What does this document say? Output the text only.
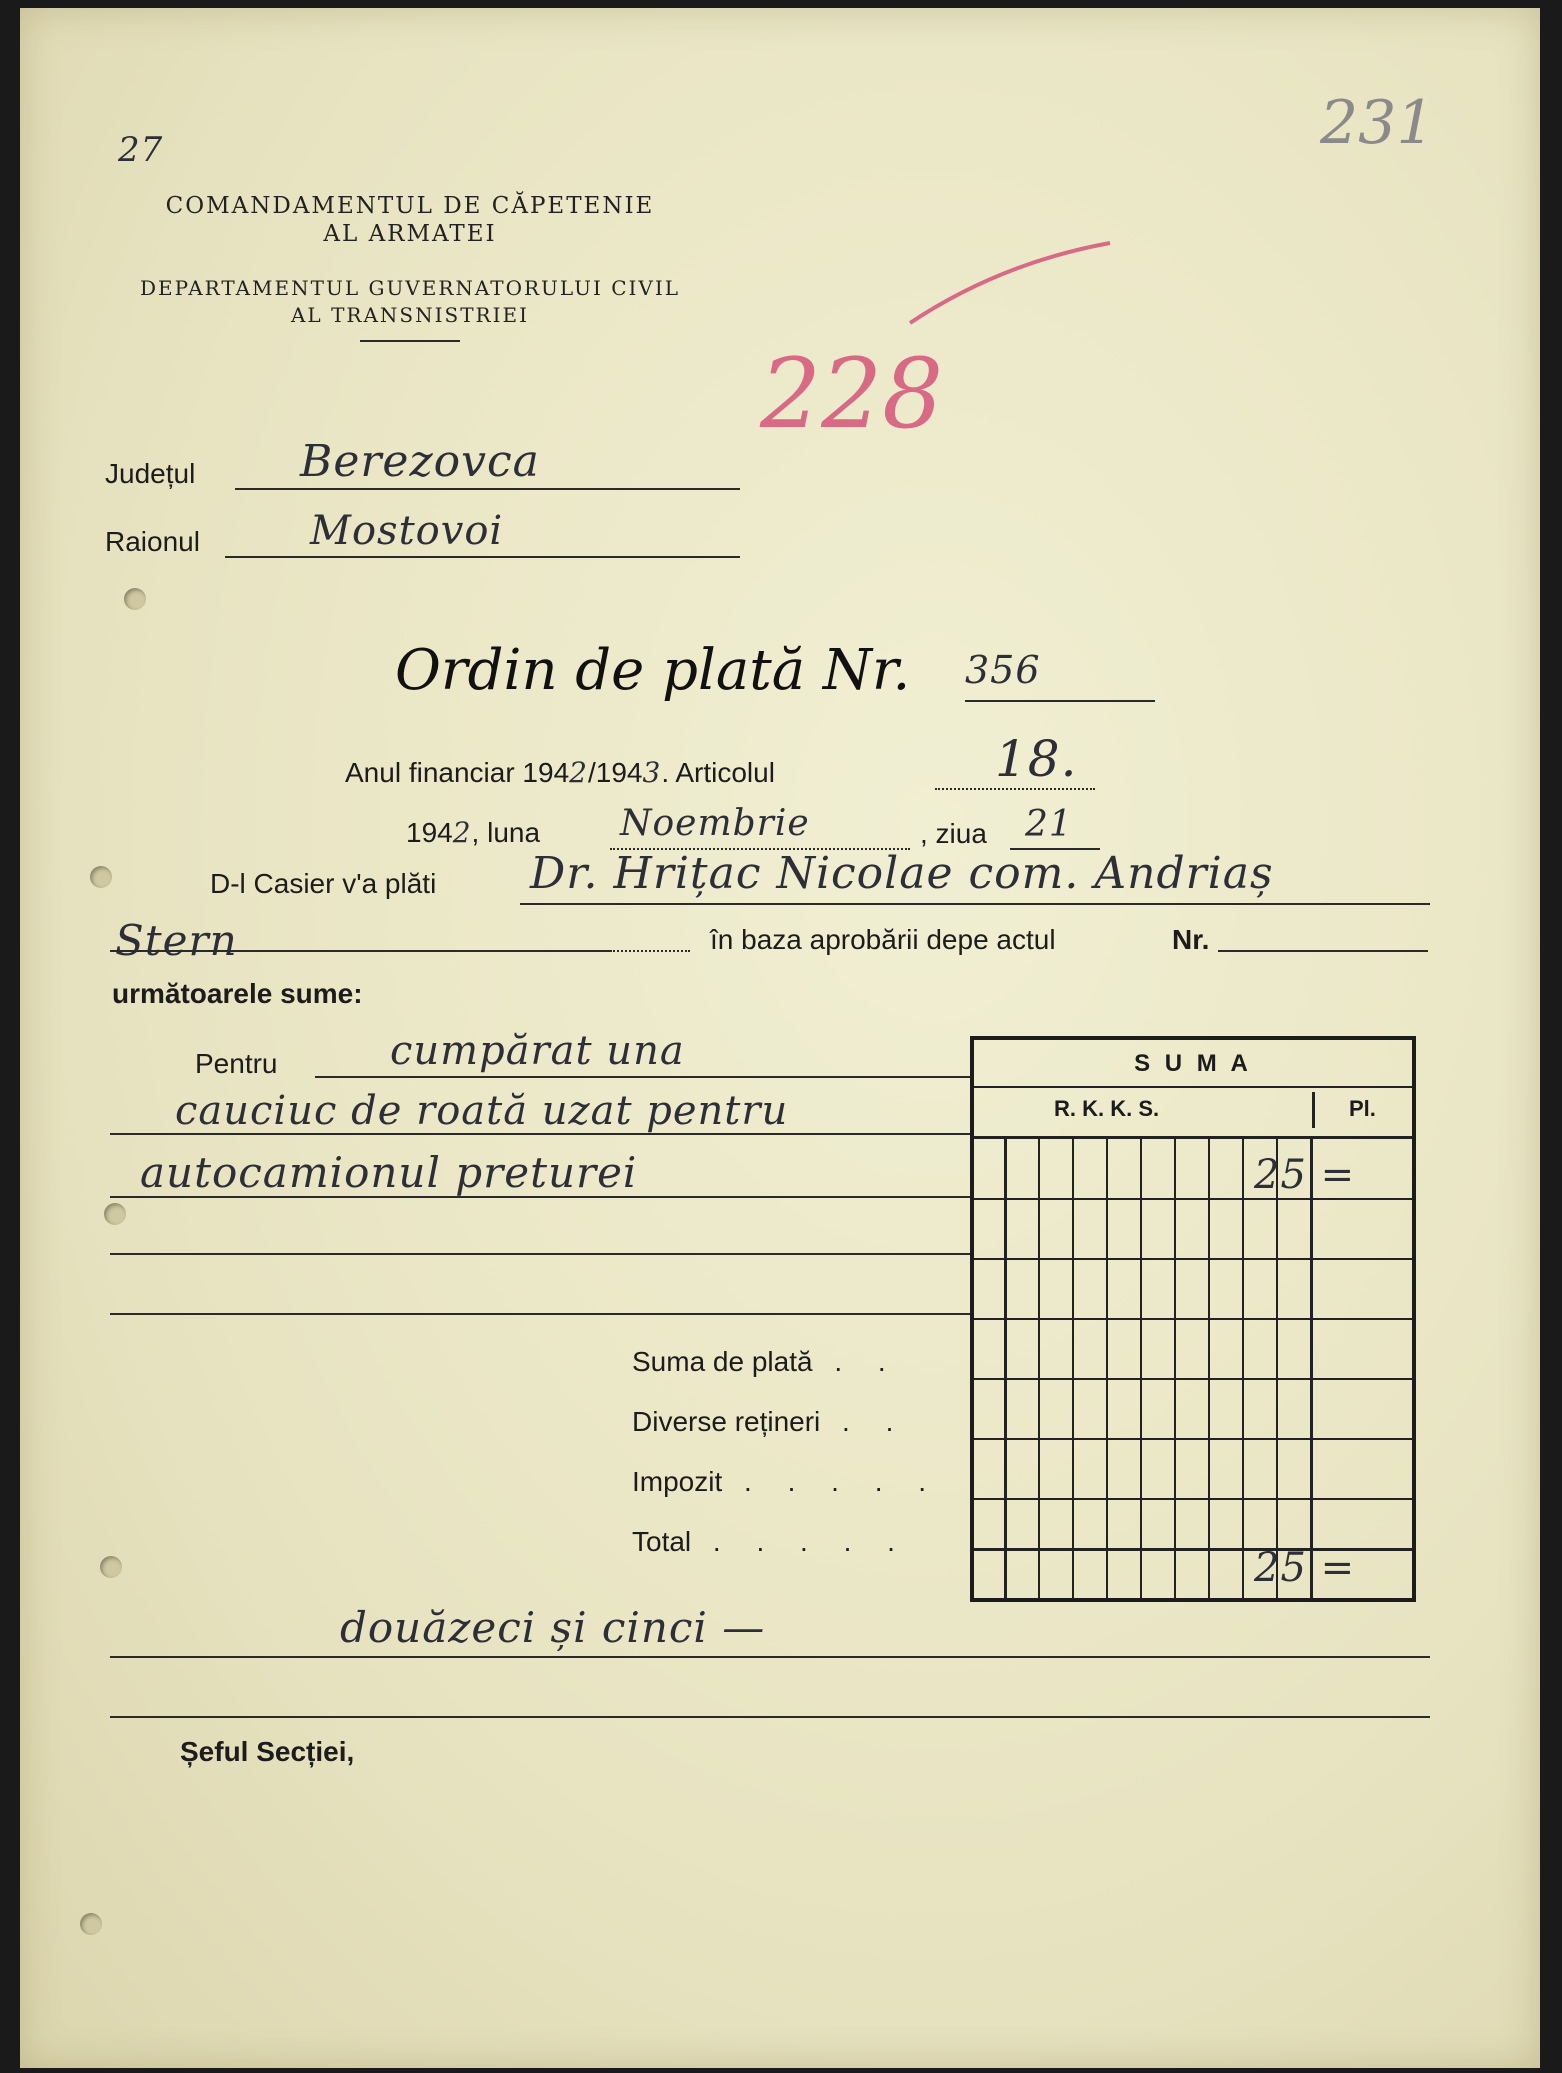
27	231
228
COMANDAMENTUL DE CĂPETENIE
AL ARMATEI
DEPARTAMENTUL GUVERNATORULUI CIVIL
AL TRANSNISTRIEI
Județul Berezovca
Raionul	Mostovoi
Ordin de plată Nr. 356
Anul financiar 1942/1943. Articolul	18.
1942, luna Noembrie	, ziua 21
D-l Casier v'a plăti Dr. Hrițac Nicolae com. Andriaș
Stern	în baza aprobării depe actul	Nr.
următoarele sume:
Pentru	cumpărat una
cauciuc de roată uzat pentru
autocamionul preturei
S U M A
R. K. K. S.	Pl.
25 =
25 =
Suma de plată . .
Diverse rețineri . .
Impozit . . . . .
Total . . . . .
douăzeci și cinci —
Șeful Secției,
